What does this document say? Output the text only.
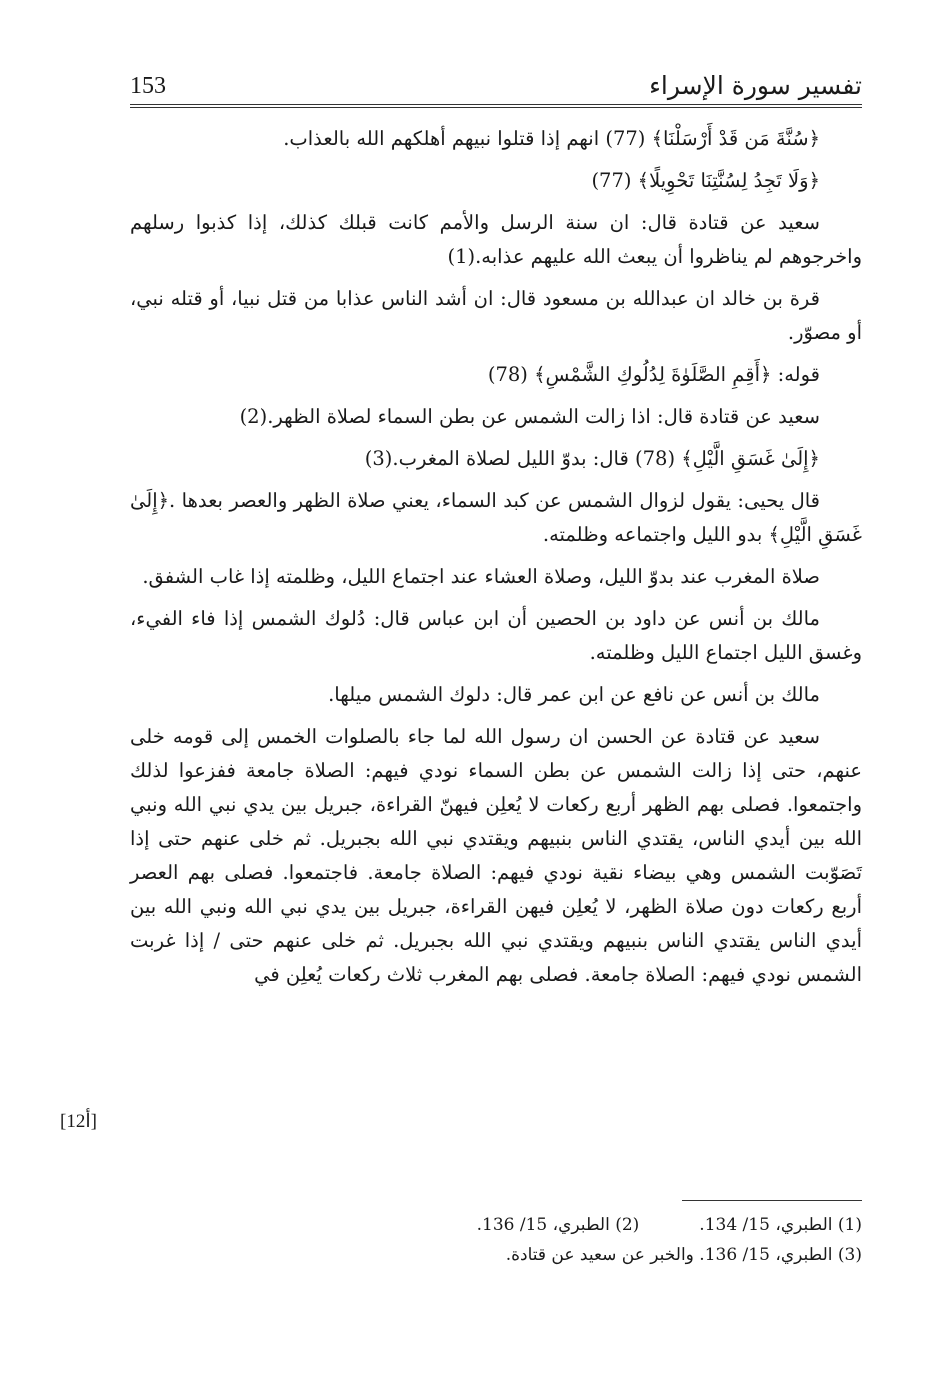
تفسير سورة الإسراء
153

﴿سُنَّةَ مَن قَدْ أَرْسَلْنَا﴾ (77) انهم إذا قتلوا نبيهم أهلكهم الله بالعذاب.

﴿وَلَا تَجِدُ لِسُنَّتِنَا تَحْوِيلًا﴾ (77)

سعيد عن قتادة قال: ان سنة الرسل والأمم كانت قبلك كذلك، إذا كذبوا رسلهم واخرجوهم لم يناظروا أن يبعث الله عليهم عذابه.(1)

قرة بن خالد ان عبدالله بن مسعود قال: ان أشد الناس عذابا من قتل نبيا، أو قتله نبي، أو مصوّر.

قوله: ﴿أَقِمِ الصَّلَوٰةَ لِدُلُوكِ الشَّمْسِ﴾ (78)

سعيد عن قتادة قال: اذا زالت الشمس عن بطن السماء لصلاة الظهر.(2)

﴿إِلَىٰ غَسَقِ الَّيْلِ﴾ (78) قال: بدوّ الليل لصلاة المغرب.(3)

قال يحيى: يقول لزوال الشمس عن كبد السماء، يعني صلاة الظهر والعصر بعدها .﴿إِلَىٰ غَسَقِ الَّيْلِ﴾ بدو الليل واجتماعه وظلمته.

صلاة المغرب عند بدوّ الليل، وصلاة العشاء عند اجتماع الليل، وظلمته إذا غاب الشفق.

مالك بن أنس عن داود بن الحصين أن ابن عباس قال: دُلوك الشمس إذا فاء الفيء، وغسق الليل اجتماع الليل وظلمته.

مالك بن أنس عن نافع عن ابن عمر قال: دلوك الشمس ميلها.

سعيد عن قتادة عن الحسن ان رسول الله لما جاء بالصلوات الخمس إلى قومه خلى عنهم، حتى إذا زالت الشمس عن بطن السماء نودي فيهم: الصلاة جامعة ففزعوا لذلك واجتمعوا. فصلى بهم الظهر أربع ركعات لا يُعلِن فيهنّ القراءة، جبريل بين يدي نبي الله ونبي الله بين أيدي الناس، يقتدي الناس بنبيهم ويقتدي نبي الله بجبريل. ثم خلى عنهم حتى إذا تَصَوّبت الشمس وهي بيضاء نقية نودي فيهم: الصلاة جامعة. فاجتمعوا. فصلى بهم العصر أربع ركعات دون صلاة الظهر، لا يُعلِن فيهن القراءة، جبريل بين يدي نبي الله ونبي الله بين أيدي الناس يقتدي الناس بنبيهم ويقتدي نبي الله بجبريل. ثم خلى عنهم حتى / إذا غربت الشمس نودي فيهم: الصلاة جامعة. فصلى بهم المغرب ثلاث ركعات يُعلِن في

[12أ]
(1) الطبري، 15/ 134.
(2) الطبري، 15/ 136.
(3) الطبري، 15/ 136. والخبر عن سعيد عن قتادة.
